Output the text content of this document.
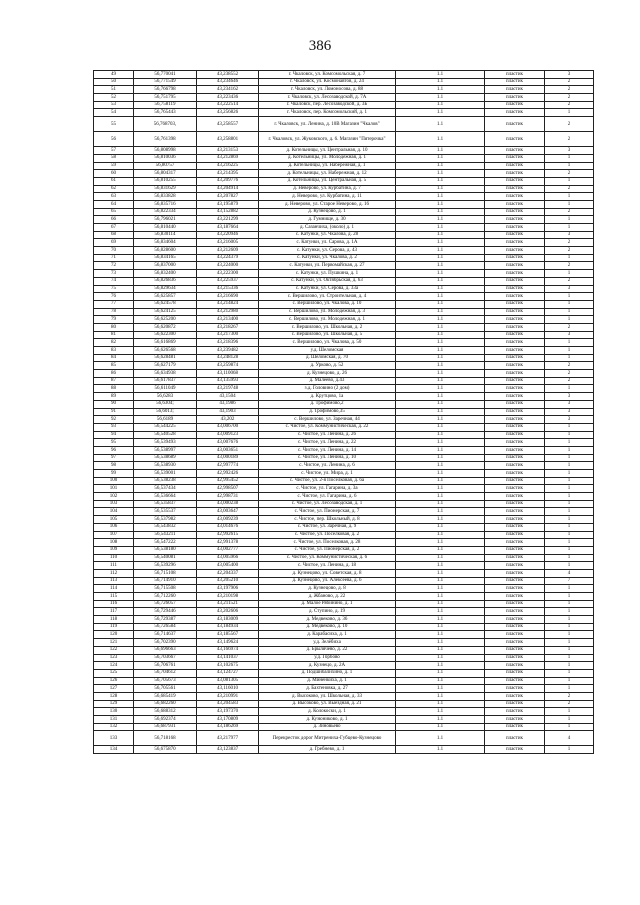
386
49	56,770041	43,238552	г. Чкаловск, ул. Комсомольская, д. 7	1.1	пластик	3
50	56,771549	43,234646	г. Чкаловск, ул. Космонавтов, д. 24	1.1	пластик	2
51	56,766798	43,234162	г. Чкаловск, ул. Ломоносова, д. 88	1.1	пластик	2
52	56,751795	43,223436	г. Чкаловск, ул. Лесозаводской, д. 7А	1.1	пластик	2
53	56,758119	43,222514	г. Чкаловск, пер. Лесозаводской, д. 3Б	1.1	пластик	2
54	56,765443	43,256826	г. Чкаловск, пер. Комсомольский, д. 1	1.1	пластик	1
55	56,768703,	43,258557	г. Чкаловск, ул. Ленина, д. 10В Магазин "Чкалов"	1.1	пластик	2
56	56,761398	43,258801	г. Чкаловск, ул. Жуковского, д. 6. Магазин "Пятерочка"	1.1	пластик	2
57	56,808998	43,213153	д. Котельницы, ул. Центральная, д. 10	1.1	пластик	3
58	56,810036	43,212869	д. Котельницы, ул. Молодежная, д. 1	1.1	пластик	1
59	56,80757	43,216225	д. Котельницы, ул. Набережная, д. 1	1.1	пластик	1
60	56,804317	43,214395	д. Котельницы, ул. Набережная, д. 12	1.1	пластик	2
61	56,810255	43,209776	д. Котельницы, ул. Центральная, д. 5	1.1	пластик	1
62	56,831629	43,204914	д. Неверово, ул. Курбатина, д. 7	1.1	пластик	2
63	56,833828	43,207827	д. Неверово, ул. Курбатина, д. 11	1.1	пластик	1
64	56,835716	43,195879	д. Неверово, ул. Старое Неверово, д. 16	1.1	пластик	1
65	56,822334	43,152882	д. Кузнецово, д. 1	1.1	пластик	2
66	56,796021	43,221299	д. Гумнище, д. 30	1.1	пластик	1
67	56,810440	43,187664	д. Сазанчиха, (около) д. 1	1.1	пластик	1
68	56,830114	43,220946	с. Катунки, ул. Чкалова, д. 28	1.1	пластик	3
69	56,834604	43,216005	с. Катунки, ул. Сарова, д. 1А	1.1	пластик	2
70	56,828600	43,212609	с. Катунки, ул. Серова, д. 43	1.1	пластик	2
71	56,834165	43,224379	с. Катунки, ул. Чкалова, д. 2	1.1	пластик	1
72	56,837000	43,224000	с. Катунки, ул. Первомайская, д. 27	1.1	пластик	2
73	56,832400	43,222300	с. Катунки, ул. Пушкина, д. 1	1.1	пластик	1
74	56,826836	43,225937	с. Катунки, ул. Октябрьская, д. 63	1.1	пластик	2
75	56,829634	43,215336	с. Катунки, ул. Серова, д. 33а	1.1	пластик	3
76	56,625857	43,216690	с. Вершилово, ул. Строительная, д. 4	1.1	пластик	1
77	56,624578	43,214824	с. Вершилово, ул. Чкалова, д. 10	1.1	пластик	1
78	56,624125	43,212980	с. Вершилово, ул. Молодежная, д. 3	1.1	пластик	1
79	56,625200	43,213400	с. Вершилово, ул. Молодежная, д. 1	1.1	пластик	1
80	56,620872	43,218267	с. Вершилово, ул. Школьная, д. 2	1.1	пластик	2
81	56,622300	43,217300	с. Вершилово, ул. Школьная, д. 5	1.1	пластик	3
82	56,616869	43,218396	с. Вершилово, ул. Чкалова, д. 50	1.1	пластик	1
83	56,626568	43,239482	у.д. Шеломская	1.1	пластик	1
84	56,628481	43,248128	д. Шеломская, д. 70	1.1	пластик	1
85	56,627179	43,259874	д. Урково, д. 52	1.1	пластик	2
86	56,634938	43,110068	д. Кузнецово, д. 26	1.1	пластик	2
87	56,617837	43,135993	д. Малеево, д.43	1.1	пластик	2
88	56,611049	43,219748	з.д. Головино (2 дом)	1.1	пластик	1
89	56,6283	43,1504	д. Крутцово, 1а	1.1	пластик	3
90	56,6304;	43,1986	д. Трофимово,2	1.1	пластик	3
91	56,6013;	43,1903	д. Трофимово,35	1.1	пластик	3
92	56,6189	43,202	с. Вершилово, ул. Заречная, 44	1.1	пластик	3
93	56,544225	43,006700	с. Чистое, ул. Коммунистическая, д. 22	1.1	пластик	1
94	56,540528	43,009123	с. Чистое, ул. Ленина, д. 26	1.1	пластик	1
95	56,539493	43,007676	с. Чистое, ул. Ленина, д. 22	1.1	пластик	1
96	56,538997	43,003651	с. Чистое, ул. Ленина, д. 14	1.1	пластик	1
97	56,538689	43,000189	с. Чистое, ул. Ленина, д. 10	1.1	пластик	1
98	56,538930	42,997774	с. Чистое, ул. Ленина, д. 6	1.1	пластик	1
99	56,539001	42,992426	с. Чистое, ул. Мира, д. 1	1.1	пластик	1
100	56,538238	42,995452	с. Чистое, ул. 2-я Поселковая, д. 6а	1.1	пластик	1
101	56,537434	42,998507	с. Чистое, ул. Гагарина, д. 3а	1.1	пластик	1
102	56,536664	42,998731	с. Чистое, ул. Гагарина, д. 6	1.1	пластик	1
103	56,535837	43,000238	с. Чистое, ул. Лесозаводская, д. 1	1.1	пластик	1
104	56,535537	43,003647	с. Чистое, ул. Пионерская, д. 7	1.1	пластик	1
105	56,537982	43,009239	с. Чистое, пер. Школьный, д. 8	1.1	пластик	1
106	56,543832	43,014676	с. Чистое, ул. Заречная, д. 9	1.1	пластик	1
107	56,543211	42,992615	с. Чистое, ул. Поселковая, д. 2	1.1	пластик	1
108	56,547222	42,991378	с. Чистое, ул. Поселковая, д. 28	1.1	пластик	1
109	56,538180	43,002777	с. Чистое, ул. Пионерская, д. 2	1.1	пластик	1
110	56,540081	43,005966	с. Чистое, ул. Коммунистическая, д. 6	1.1	пластик	1
111	56,539296	43,005400	с. Чистое, ул. Ленина, д. 18	1.1	пластик	1
112	56,715108	42,204337	д. Кузнецово, ул. Советская, д. 8	1.1	пластик	4
113	56,714910	43,205210	д. Кузнецово, ул. Алексеева, д. 6	1.1	пластик	7
114	56,715508	43,197906	д. Кузнецово, д. 8	1.1	пластик	1
115	56,712260	43,210198	д. Жбаново, д. 22	1.1	пластик	1
116	56,726057	43,211521	д. Малое Рябинино, д. 1	1.1	пластик	1
117	56,729446	43,202606	д. Ступино, д. 19	1.1	пластик	1
118	56,729387	43,183009	д. Медвеково, д. 36	1.1	пластик	1
119	56,726584	43,184934	д. Медвеково, д. 10	1.1	пластик	1
120	56,714637	43,185567	д. Карабасиха, д. 1	1.1	пластик	1
121	56,702390	43,149624	у.д. Зелёбиха	1.1	пластик	1
122	56,696663	43,166974	д. Брылячево, д. 22	1.1	пластик	1
123	56,703667	43,141037	у.д. Горбово	1.1	пластик	1
124	56,706761	43,102675	д. Кузнецо, д. 2А	1.1	пластик	1
125	56,704612	43,124727	д. Подшибалихино, д. 1	1.1	пластик	1
126	56,705673	43,081305	д. Миненкиха, д. 1	1.1	пластик	1
127	56,705561	43,116010	д. Бахтеновка, д. 27	1.1	пластик	1
128	56,685419	43,210991	д. Высоково, ул. Школьная, д. 33	1.1	пластик	2
129	56,682260	43,204583	д. Высоково, ул. Выездная, д. 21	1.1	пластик	2
130	56,688312	43,197370	д. Колокоски, д. 1	1.1	пластик	1
131	56,692374	43,170809	д. Кузюниково, д. 1	1.1	пластик	1
132	56,687931	43,186269	д. Зиновьево	1.1	пластик	1
133	56,718168	43,217977	Перекресток дорог Митрениха-Губцево-Кузнецово	1.1	пластик	4
134	56,675870	43,123837	д. Гребнево, д. 1	1.1	пластик	1
